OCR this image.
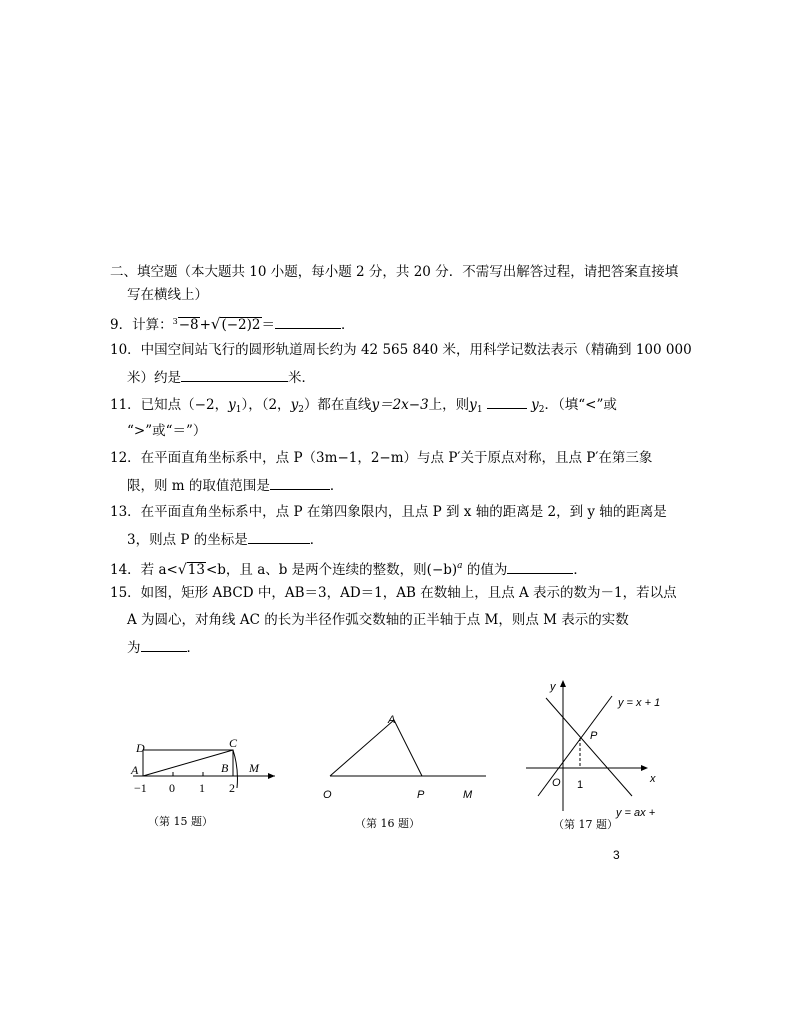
二、填空题（本大题共 10 小题，每小题 2 分，共 20 分．不需写出解答过程，请把答案直接填
写在横线上）
9．计算：$^3$−8+√(−2)2＝	．
10．中国空间站飞行的圆形轨道周长约为 42 565 840 米，用科学记数法表示（精确到 100 000
米）约是	米．
11．已知点（−2，$y_1$），（2，$y_2$）都在直线y＝2x−3上，则$y_1$	$y_2$．（填“<”或
“>”或“＝”）
12．在平面直角坐标系中，点 P（3m−1，2−m）与点 P′关于原点对称，且点 P′在第三象
限，则 m 的取值范围是	．
13．在平面直角坐标系中，点 P 在第四象限内，且点 P 到 x 轴的距离是 2，到 y 轴的距离是
3，则点 P 的坐标是	．
14．若 a<√13<b，且 a、b 是两个连续的整数，则$(-b)^a$ 的值为	．
15．如图，矩形 ABCD 中，AB＝3，AD＝1，AB 在数轴上，且点 A 表示的数为－1，若以点
A 为圆心，对角线 AC 的长为半径作弧交数轴的正半轴于点 M，则点 M 表示的实数
为	．
D	C
A	B M
−1 0 1 2
（第 15 题）
A
O	P	M
（第 16 题）
y
x
O
P
1
y = x + 1
y = ax +
（第 17 题）
3
